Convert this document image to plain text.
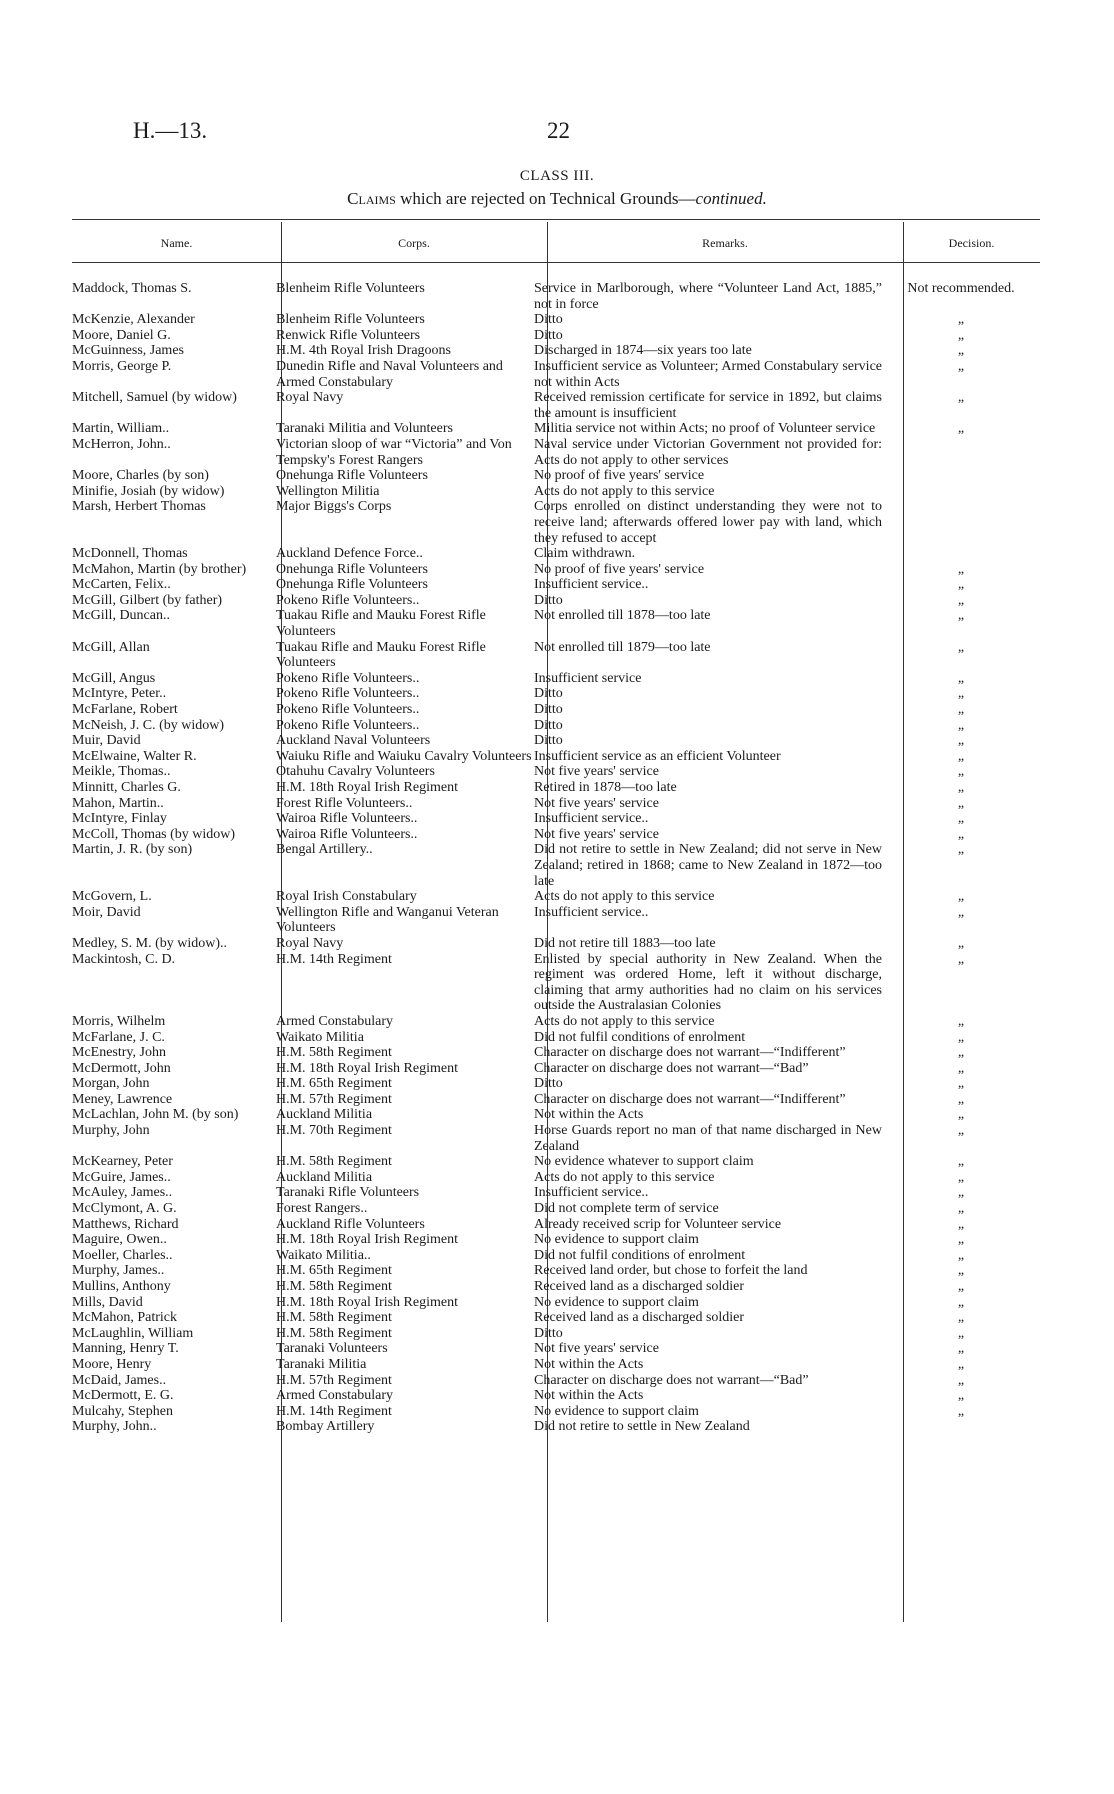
H.—13.	22
CLASS III.
Claims which are rejected on Technical Grounds—continued.
Name.	Corps.	Remarks.	Decision.
Maddock, Thomas S.	Blenheim Rifle Volunteers	Service in Marlborough, where “Volunteer Land Act, 1885,” not in force	Not recommended.
McKenzie, Alexander	Blenheim Rifle Volunteers	Ditto	„
Moore, Daniel G.	Renwick Rifle Volunteers	Ditto	„
McGuinness, James	H.M. 4th Royal Irish Dragoons	Discharged in 1874—six years too late	„
Morris, George P.	Dunedin Rifle and Naval Volunteers and Armed Constabulary	Insufficient service as Volunteer; Armed Constabulary service not within Acts	„
Mitchell, Samuel (by widow)	Royal Navy	Received remission certificate for service in 1892, but claims the amount is insufficient	„
Martin, William..	Taranaki Militia and Volunteers	Militia service not within Acts; no proof of Volunteer service	„
McHerron, John..	Victorian sloop of war “Victoria” and Von Tempsky's Forest Rangers	Naval service under Victorian Government not provided for: Acts do not apply to other services	
Moore, Charles (by son)	Onehunga Rifle Volunteers	No proof of five years' service	
Minifie, Josiah (by widow)	Wellington Militia	Acts do not apply to this service	
Marsh, Herbert Thomas	Major Biggs's Corps	Corps enrolled on distinct understanding they were not to receive land; afterwards offered lower pay with land, which they refused to accept	
McDonnell, Thomas	Auckland Defence Force..	Claim withdrawn.	
McMahon, Martin (by brother)	Onehunga Rifle Volunteers	No proof of five years' service	„
McCarten, Felix..	Onehunga Rifle Volunteers	Insufficient service..	„
McGill, Gilbert (by father)	Pokeno Rifle Volunteers..	Ditto	„
McGill, Duncan..	Tuakau Rifle and Mauku Forest Rifle Volunteers	Not enrolled till 1878—too late	„
McGill, Allan	Tuakau Rifle and Mauku Forest Rifle Volunteers	Not enrolled till 1879—too late	„
McGill, Angus	Pokeno Rifle Volunteers..	Insufficient service	„
McIntyre, Peter..	Pokeno Rifle Volunteers..	Ditto	„
McFarlane, Robert	Pokeno Rifle Volunteers..	Ditto	„
McNeish, J. C. (by widow)	Pokeno Rifle Volunteers..	Ditto	„
Muir, David	Auckland Naval Volunteers	Ditto	„
McElwaine, Walter R.	Waiuku Rifle and Waiuku Cavalry Volunteers	Insufficient service as an efficient Volunteer	„
Meikle, Thomas..	Otahuhu Cavalry Volunteers	Not five years' service	„
Minnitt, Charles G.	H.M. 18th Royal Irish Regiment	Retired in 1878—too late	„
Mahon, Martin..	Forest Rifle Volunteers..	Not five years' service	„
McIntyre, Finlay	Wairoa Rifle Volunteers..	Insufficient service..	„
McColl, Thomas (by widow)	Wairoa Rifle Volunteers..	Not five years' service	„
Martin, J. R. (by son)	Bengal Artillery..	Did not retire to settle in New Zealand; did not serve in New Zealand; retired in 1868; came to New Zealand in 1872—too late	„
McGovern, L.	Royal Irish Constabulary	Acts do not apply to this service	„
Moir, David	Wellington Rifle and Wanganui Veteran Volunteers	Insufficient service..	„
Medley, S. M. (by widow)..	Royal Navy	Did not retire till 1883—too late	„
Mackintosh, C. D.	H.M. 14th Regiment	Enlisted by special authority in New Zealand. When the regiment was ordered Home, left it without discharge, claiming that army authorities had no claim on his services outside the Australasian Colonies	„
Morris, Wilhelm	Armed Constabulary	Acts do not apply to this service	„
McFarlane, J. C.	Waikato Militia	Did not fulfil conditions of enrolment	„
McEnestry, John	H.M. 58th Regiment	Character on discharge does not warrant—“Indifferent”	„
McDermott, John	H.M. 18th Royal Irish Regiment	Character on discharge does not warrant—“Bad”	„
Morgan, John	H.M. 65th Regiment	Ditto	„
Meney, Lawrence	H.M. 57th Regiment	Character on discharge does not warrant—“Indifferent”	„
McLachlan, John M. (by son)	Auckland Militia	Not within the Acts	„
Murphy, John	H.M. 70th Regiment	Horse Guards report no man of that name discharged in New Zealand	„
McKearney, Peter	H.M. 58th Regiment	No evidence whatever to support claim	„
McGuire, James..	Auckland Militia	Acts do not apply to this service	„
McAuley, James..	Taranaki Rifle Volunteers	Insufficient service..	„
McClymont, A. G.	Forest Rangers..	Did not complete term of service	„
Matthews, Richard	Auckland Rifle Volunteers	Already received scrip for Volunteer service	„
Maguire, Owen..	H.M. 18th Royal Irish Regiment	No evidence to support claim	„
Moeller, Charles..	Waikato Militia..	Did not fulfil conditions of enrolment	„
Murphy, James..	H.M. 65th Regiment	Received land order, but chose to forfeit the land	„
Mullins, Anthony	H.M. 58th Regiment	Received land as a discharged soldier	„
Mills, David	H.M. 18th Royal Irish Regiment	No evidence to support claim	„
McMahon, Patrick	H.M. 58th Regiment	Received land as a discharged soldier	„
McLaughlin, William	H.M. 58th Regiment	Ditto	„
Manning, Henry T.	Taranaki Volunteers	Not five years' service	„
Moore, Henry	Taranaki Militia	Not within the Acts	„
McDaid, James..	H.M. 57th Regiment	Character on discharge does not warrant—“Bad”	„
McDermott, E. G.	Armed Constabulary	Not within the Acts	„
Mulcahy, Stephen	H.M. 14th Regiment	No evidence to support claim	„
Murphy, John..	Bombay Artillery	Did not retire to settle in New Zealand	
